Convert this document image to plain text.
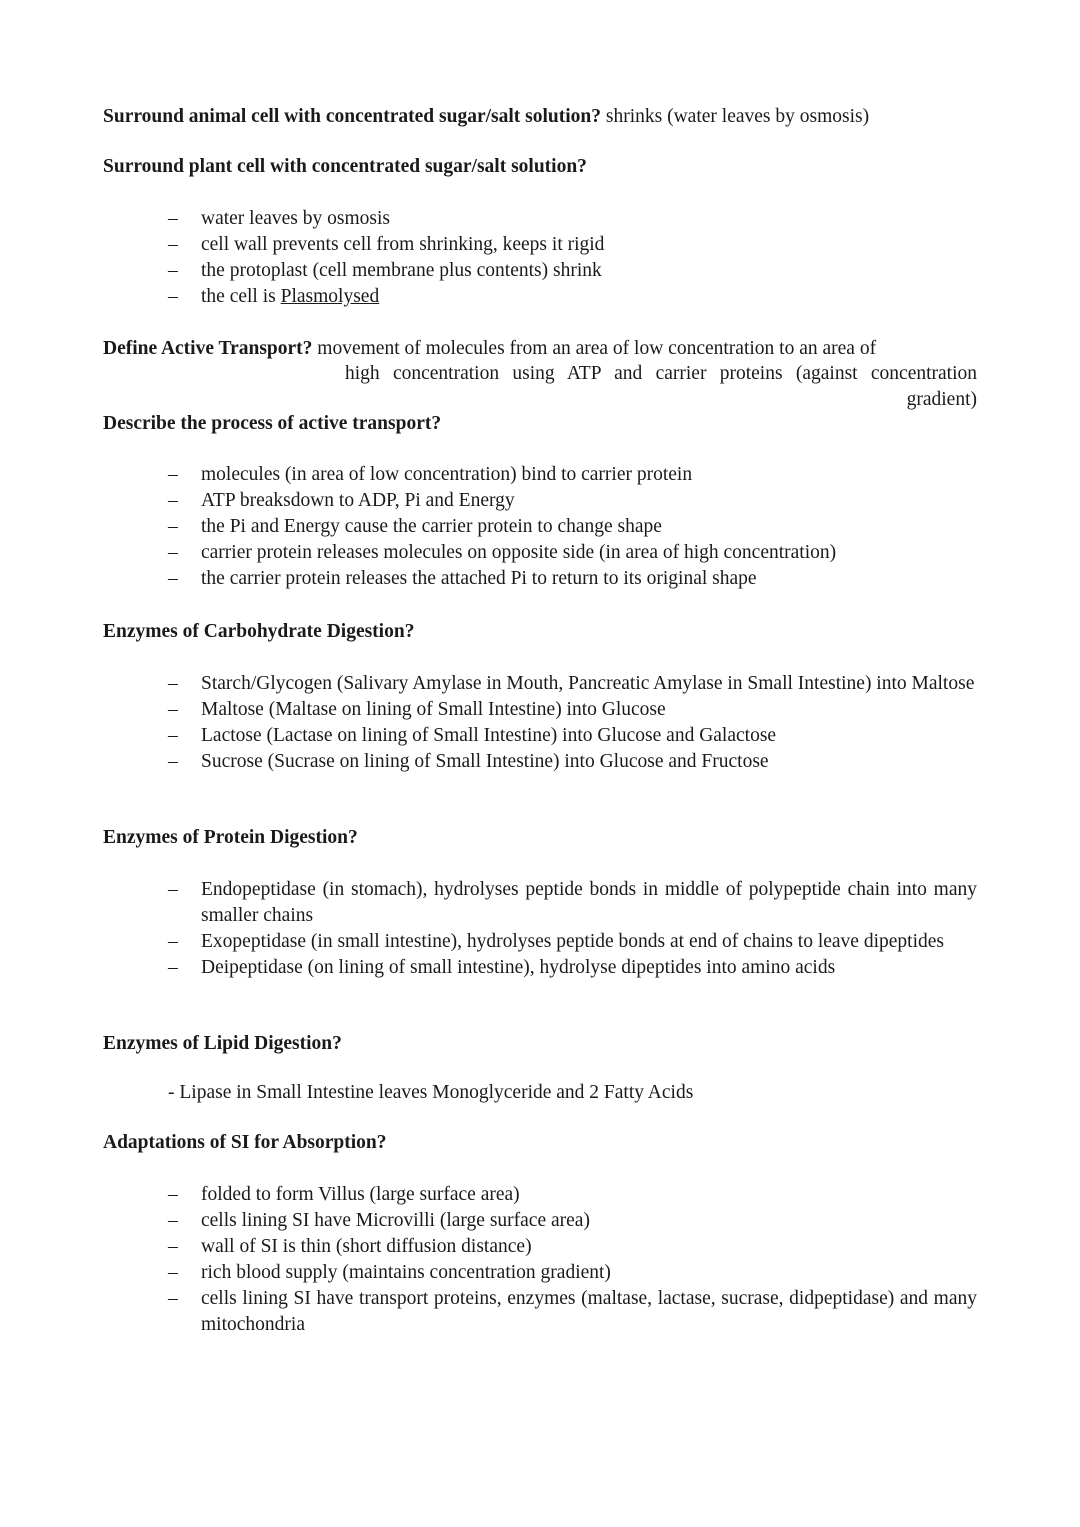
Surround animal cell with concentrated sugar/salt solution? shrinks (water leaves by osmosis)
Surround plant cell with concentrated sugar/salt solution?
– water leaves by osmosis
– cell wall prevents cell from shrinking, keeps it rigid
– the protoplast (cell membrane plus contents) shrink
– the cell is Plasmolysed
Define Active Transport? movement of molecules from an area of low concentration to an area of
high concentration using ATP and carrier proteins (against concentration gradient)
Describe the process of active transport?
– molecules (in area of low concentration) bind to carrier protein
– ATP breaksdown to ADP, Pi and Energy
– the Pi and Energy cause the carrier protein to change shape
– carrier protein releases molecules on opposite side (in area of high concentration)
– the carrier protein releases the attached Pi to return to its original shape
Enzymes of Carbohydrate Digestion?
– Starch/Glycogen (Salivary Amylase in Mouth, Pancreatic Amylase in Small Intestine) into Maltose
– Maltose (Maltase on lining of Small Intestine) into Glucose
– Lactose (Lactase on lining of Small Intestine) into Glucose and Galactose
– Sucrose (Sucrase on lining of Small Intestine) into Glucose and Fructose
Enzymes of Protein Digestion?
– Endopeptidase (in stomach), hydrolyses peptide bonds in middle of polypeptide chain into many smaller chains
– Exopeptidase (in small intestine), hydrolyses peptide bonds at end of chains to leave dipeptides
– Deipeptidase (on lining of small intestine), hydrolyse dipeptides into amino acids
Enzymes of Lipid Digestion?
- Lipase in Small Intestine leaves Monoglyceride and 2 Fatty Acids
Adaptations of SI for Absorption?
– folded to form Villus (large surface area)
– cells lining SI have Microvilli (large surface area)
– wall of SI is thin (short diffusion distance)
– rich blood supply (maintains concentration gradient)
– cells lining SI have transport proteins, enzymes (maltase, lactase, sucrase, didpeptidase) and many mitochondria
